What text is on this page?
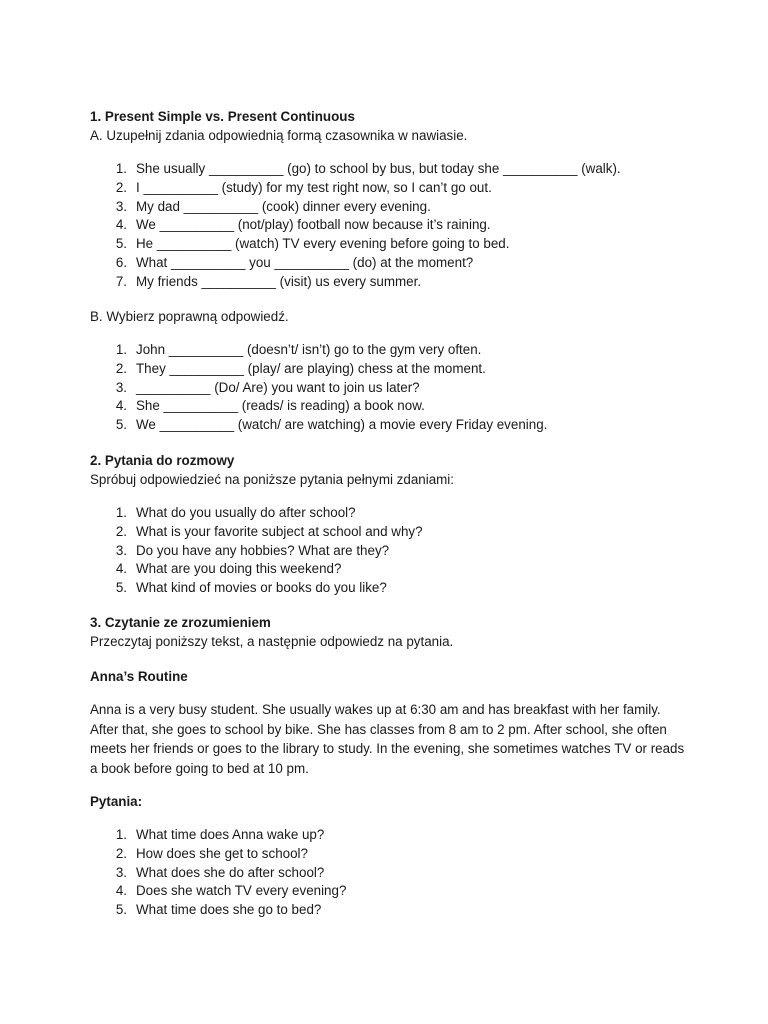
1. Present Simple vs. Present Continuous
A. Uzupełnij zdania odpowiednią formą czasownika w nawiasie.
1. She usually __________ (go) to school by bus, but today she __________ (walk).
2. I __________ (study) for my test right now, so I can’t go out.
3. My dad __________ (cook) dinner every evening.
4. We __________ (not/play) football now because it’s raining.
5. He __________ (watch) TV every evening before going to bed.
6. What __________ you __________ (do) at the moment?
7. My friends __________ (visit) us every summer.
B. Wybierz poprawną odpowiedź.
1. John __________ (doesn’t/ isn’t) go to the gym very often.
2. They __________ (play/ are playing) chess at the moment.
3. __________ (Do/ Are) you want to join us later?
4. She __________ (reads/ is reading) a book now.
5. We __________ (watch/ are watching) a movie every Friday evening.
2. Pytania do rozmowy
Spróbuj odpowiedzieć na poniższe pytania pełnymi zdaniami:
1. What do you usually do after school?
2. What is your favorite subject at school and why?
3. Do you have any hobbies? What are they?
4. What are you doing this weekend?
5. What kind of movies or books do you like?
3. Czytanie ze zrozumieniem
Przeczytaj poniższy tekst, a następnie odpowiedz na pytania.
Anna’s Routine

Anna is a very busy student. She usually wakes up at 6:30 am and has breakfast with her family. After that, she goes to school by bike. She has classes from 8 am to 2 pm. After school, she often meets her friends or goes to the library to study. In the evening, she sometimes watches TV or reads a book before going to bed at 10 pm.

Pytania:
1. What time does Anna wake up?
2. How does she get to school?
3. What does she do after school?
4. Does she watch TV every evening?
5. What time does she go to bed?
